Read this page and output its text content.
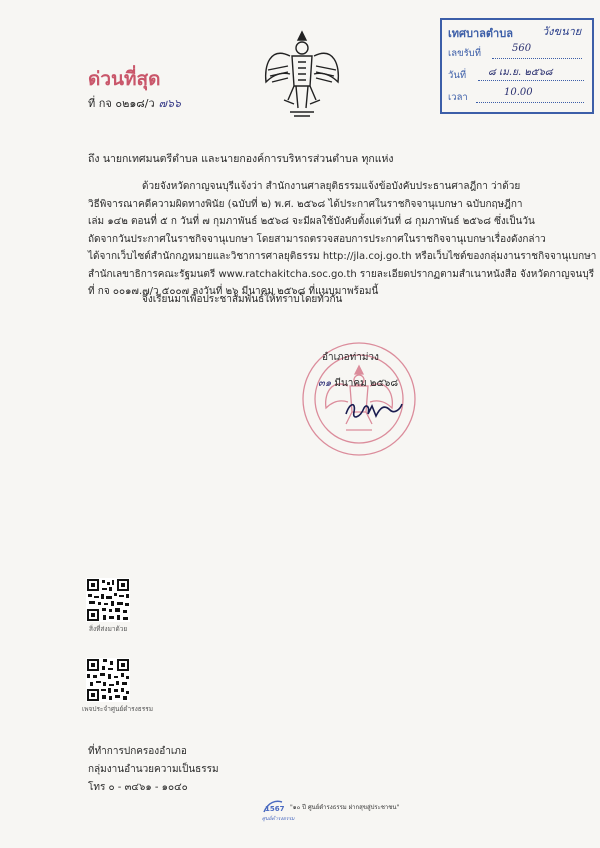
ด่วนที่สุด
ที่ กจ ๐๒๑๘/ว ๗๖๖
เทศบาลตำบล	วังขนาย
เลขรับที่	560
วันที่ ๘ เม.ย. ๒๕๖๘
เวลา	10.00
ถึง นายกเทศมนตรีตำบล และนายกองค์การบริหารส่วนตำบล ทุกแห่ง
ด้วยจังหวัดกาญจนบุรีแจ้งว่า สำนักงานศาลยุติธรรมแจ้งข้อบังคับประธานศาลฎีกา ว่าด้วย
วิธีพิจารณาคดีความผิดทางพินัย (ฉบับที่ ๒) พ.ศ. ๒๕๖๘ ได้ประกาศในราชกิจจานุเบกษา ฉบับกฤษฎีกา
เล่ม ๑๔๒ ตอนที่ ๕ ก วันที่ ๗ กุมภาพันธ์ ๒๕๖๘ จะมีผลใช้บังคับตั้งแต่วันที่ ๘ กุมภาพันธ์ ๒๕๖๘ ซึ่งเป็นวัน
ถัดจากวันประกาศในราชกิจจานุเบกษา โดยสามารถตรวจสอบการประกาศในราชกิจจานุเบกษาเรื่องดังกล่าว
ได้จากเว็บไซต์สำนักกฎหมายและวิชาการศาลยุติธรรม http://jla.coj.go.th หรือเว็บไซต์ของกลุ่มงานราชกิจจานุเบกษา
สำนักเลขาธิการคณะรัฐมนตรี www.ratchakitcha.soc.go.th รายละเอียดปรากฏตามสำเนาหนังสือ จังหวัดกาญจนบุรี
ที่ กจ ๐๐๑๗.๗/ว ๕๐๐๗ ลงวันที่ ๒๖ มีนาคม ๒๕๖๘ ที่แนบมาพร้อมนี้
จึงเรียนมาเพื่อประชาสัมพันธ์ให้ทราบโดยทั่วกัน
อำเภอท่าม่วง
๓๑ มีนาคม ๒๕๖๘
สิ่งที่ส่งมาด้วย
เพจประจำศูนย์ดำรงธรรม
ที่ทำการปกครองอำเภอ
กลุ่มงานอำนวยความเป็นธรรม
โทร ๐ - ๓๔๖๑ - ๑๐๔๐
1567 "๑๐ ปี ศูนย์ดำรงธรรม ฝากสุขสู่ประชาชน"
ศูนย์ดำรงธรรม
